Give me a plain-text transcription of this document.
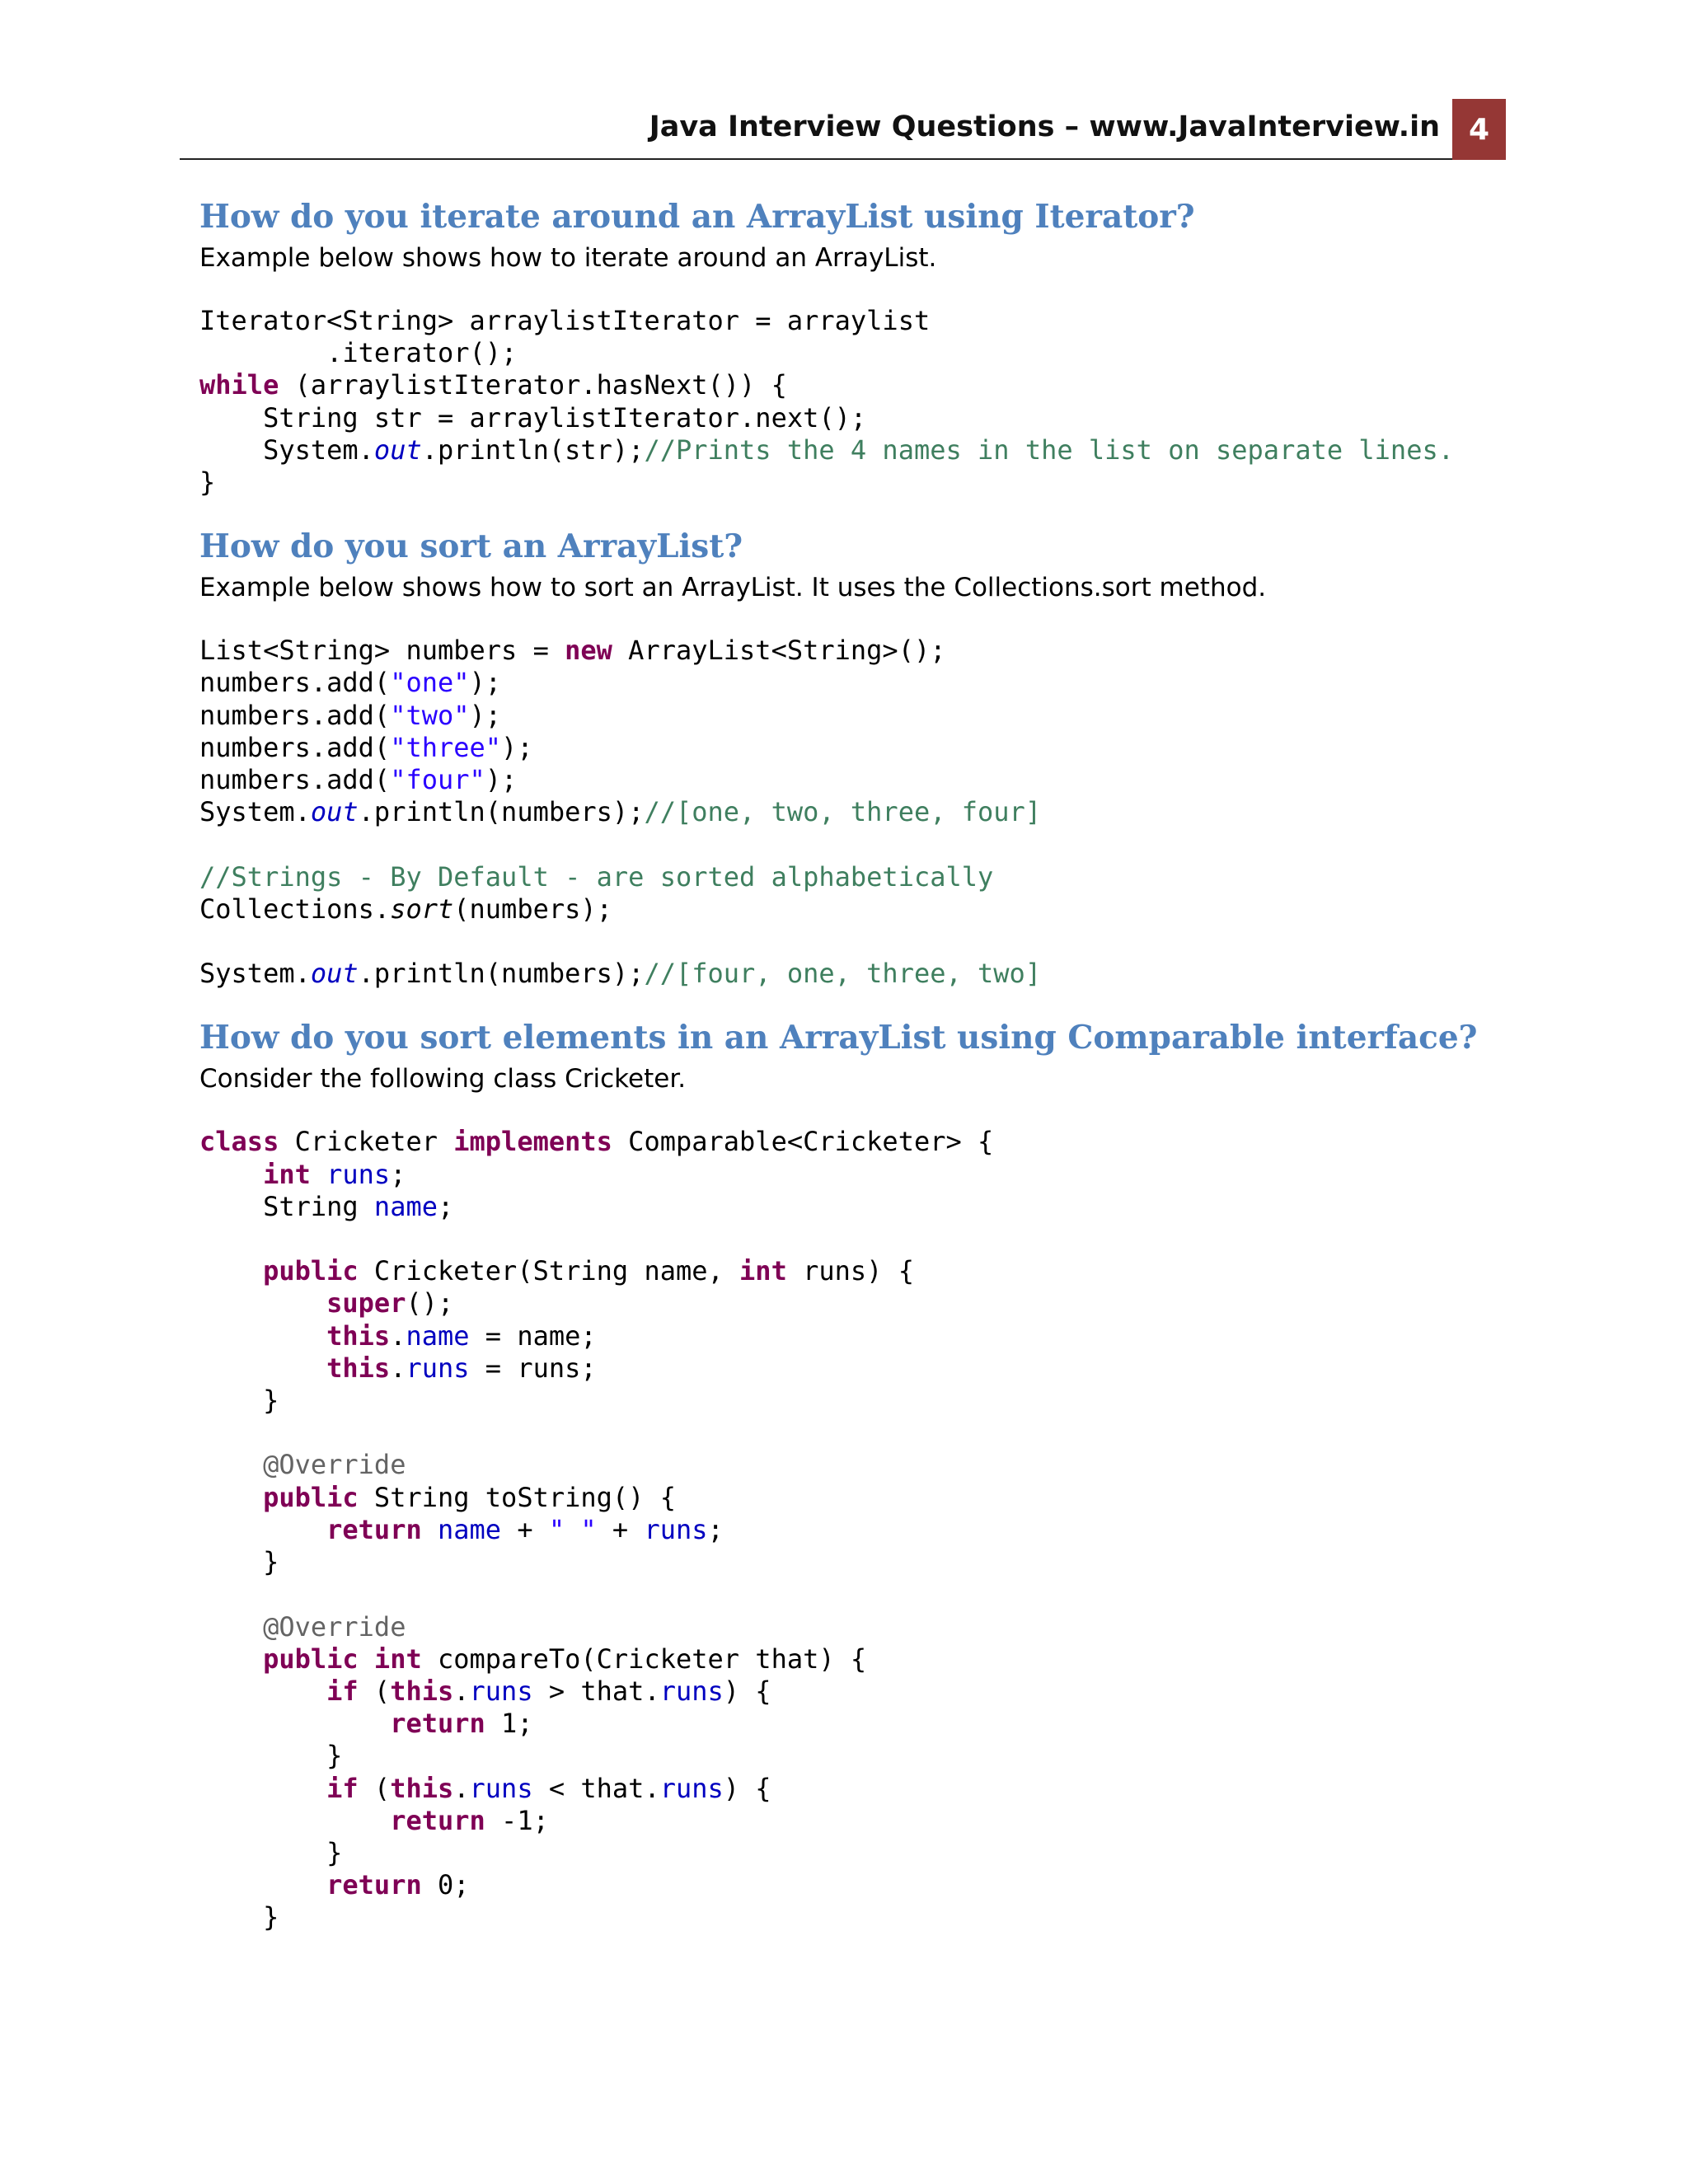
Java Interview Questions – www.JavaInterview.in 4
How do you iterate around an ArrayList using Iterator?

Example below shows how to iterate around an ArrayList.

Iterator<String> arraylistIterator = arraylist
.iterator();
while (arraylistIterator.hasNext()) {
String str = arraylistIterator.next();
System.out.println(str);//Prints the 4 names in the list on separate lines.
}
How do you sort an ArrayList?

Example below shows how to sort an ArrayList. It uses the Collections.sort method.

List<String> numbers = new ArrayList<String>();
numbers.add("one");
numbers.add("two");
numbers.add("three");
numbers.add("four");
System.out.println(numbers);//[one, two, three, four]

//Strings - By Default - are sorted alphabetically
Collections.sort(numbers);

System.out.println(numbers);//[four, one, three, two]
How do you sort elements in an ArrayList using Comparable interface?

Consider the following class Cricketer.

class Cricketer implements Comparable<Cricketer> {
int runs;
String name;

public Cricketer(String name, int runs) {
super();
this.name = name;
this.runs = runs;
}

@Override
public String toString() {
return name + " " + runs;
}

@Override
public int compareTo(Cricketer that) {
if (this.runs > that.runs) {
return 1;
}
if (this.runs < that.runs) {
return -1;
}
return 0;
}
